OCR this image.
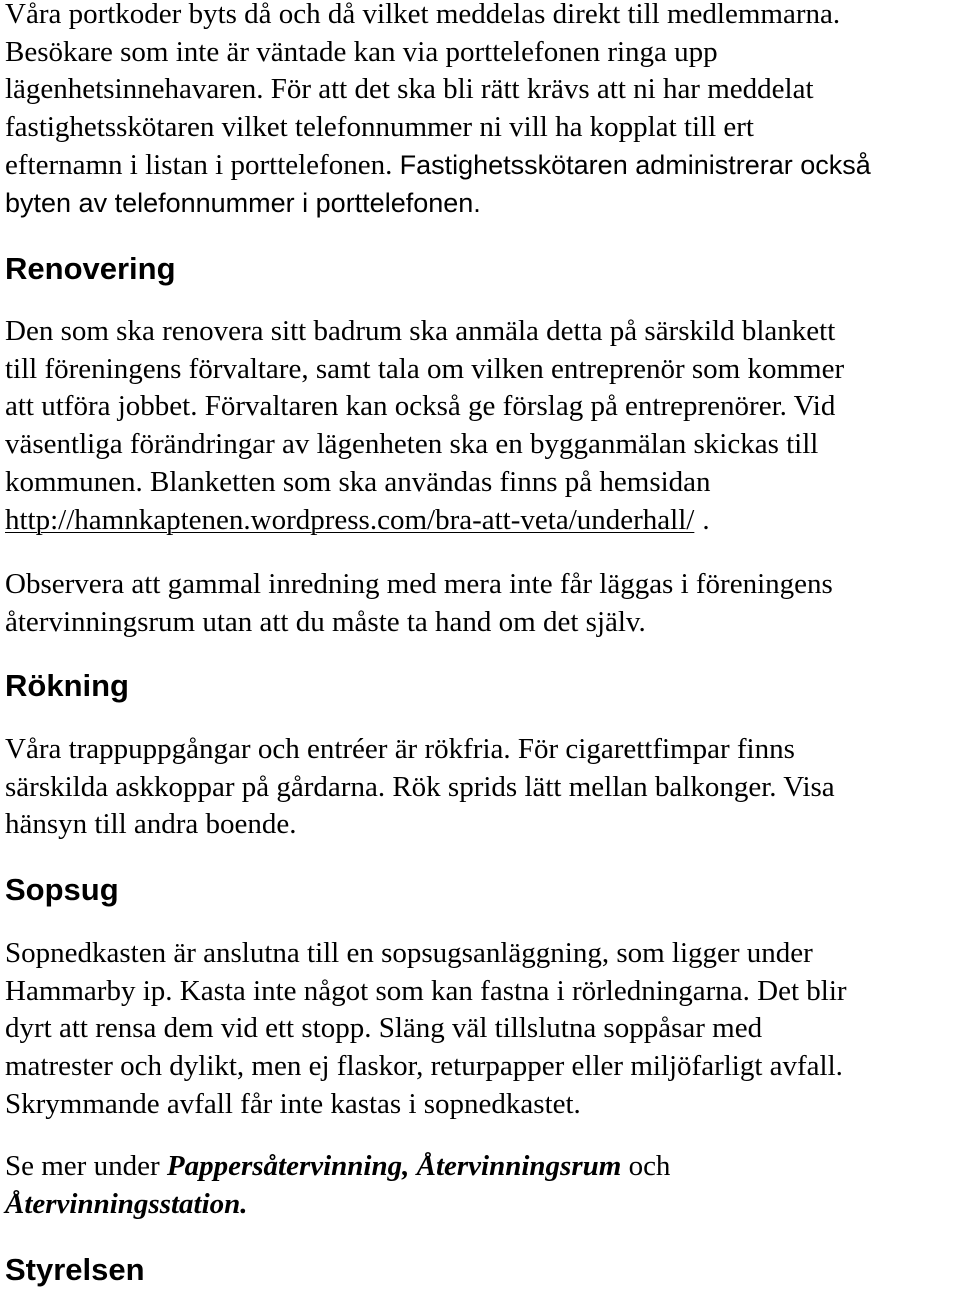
Våra portkoder byts då och då vilket meddelas direkt till medlemmarna.
Besökare som inte är väntade kan via porttelefonen ringa upp
lägenhetsinnehavaren. För att det ska bli rätt krävs att ni har meddelat
fastighetsskötaren vilket telefonnummer ni vill ha kopplat till ert
efternamn i listan i porttelefonen. Fastighetsskötaren administrerar också
byten av telefonnummer i porttelefonen.
Renovering
Den som ska renovera sitt badrum ska anmäla detta på särskild blankett
till föreningens förvaltare, samt tala om vilken entreprenör som kommer
att utföra jobbet. Förvaltaren kan också ge förslag på entreprenörer. Vid
väsentliga förändringar av lägenheten ska en bygganmälan skickas till
kommunen. Blanketten som ska användas finns på hemsidan
http://hamnkaptenen.wordpress.com/bra-att-veta/underhall/ .
Observera att gammal inredning med mera inte får läggas i föreningens
återvinningsrum utan att du måste ta hand om det själv.
Rökning
Våra trappuppgångar och entréer är rökfria. För cigarettfimpar finns
särskilda askkoppar på gårdarna. Rök sprids lätt mellan balkonger. Visa
hänsyn till andra boende.
Sopsug
Sopnedkasten är anslutna till en sopsugsanläggning, som ligger under
Hammarby ip. Kasta inte något som kan fastna i rörledningarna. Det blir
dyrt att rensa dem vid ett stopp. Släng väl tillslutna soppåsar med
matrester och dylikt, men ej flaskor, returpapper eller miljöfarligt avfall.
Skrymmande avfall får inte kastas i sopnedkastet.
Se mer under Pappersåtervinning, Återvinningsrum och
Återvinningsstation.
Styrelsen
